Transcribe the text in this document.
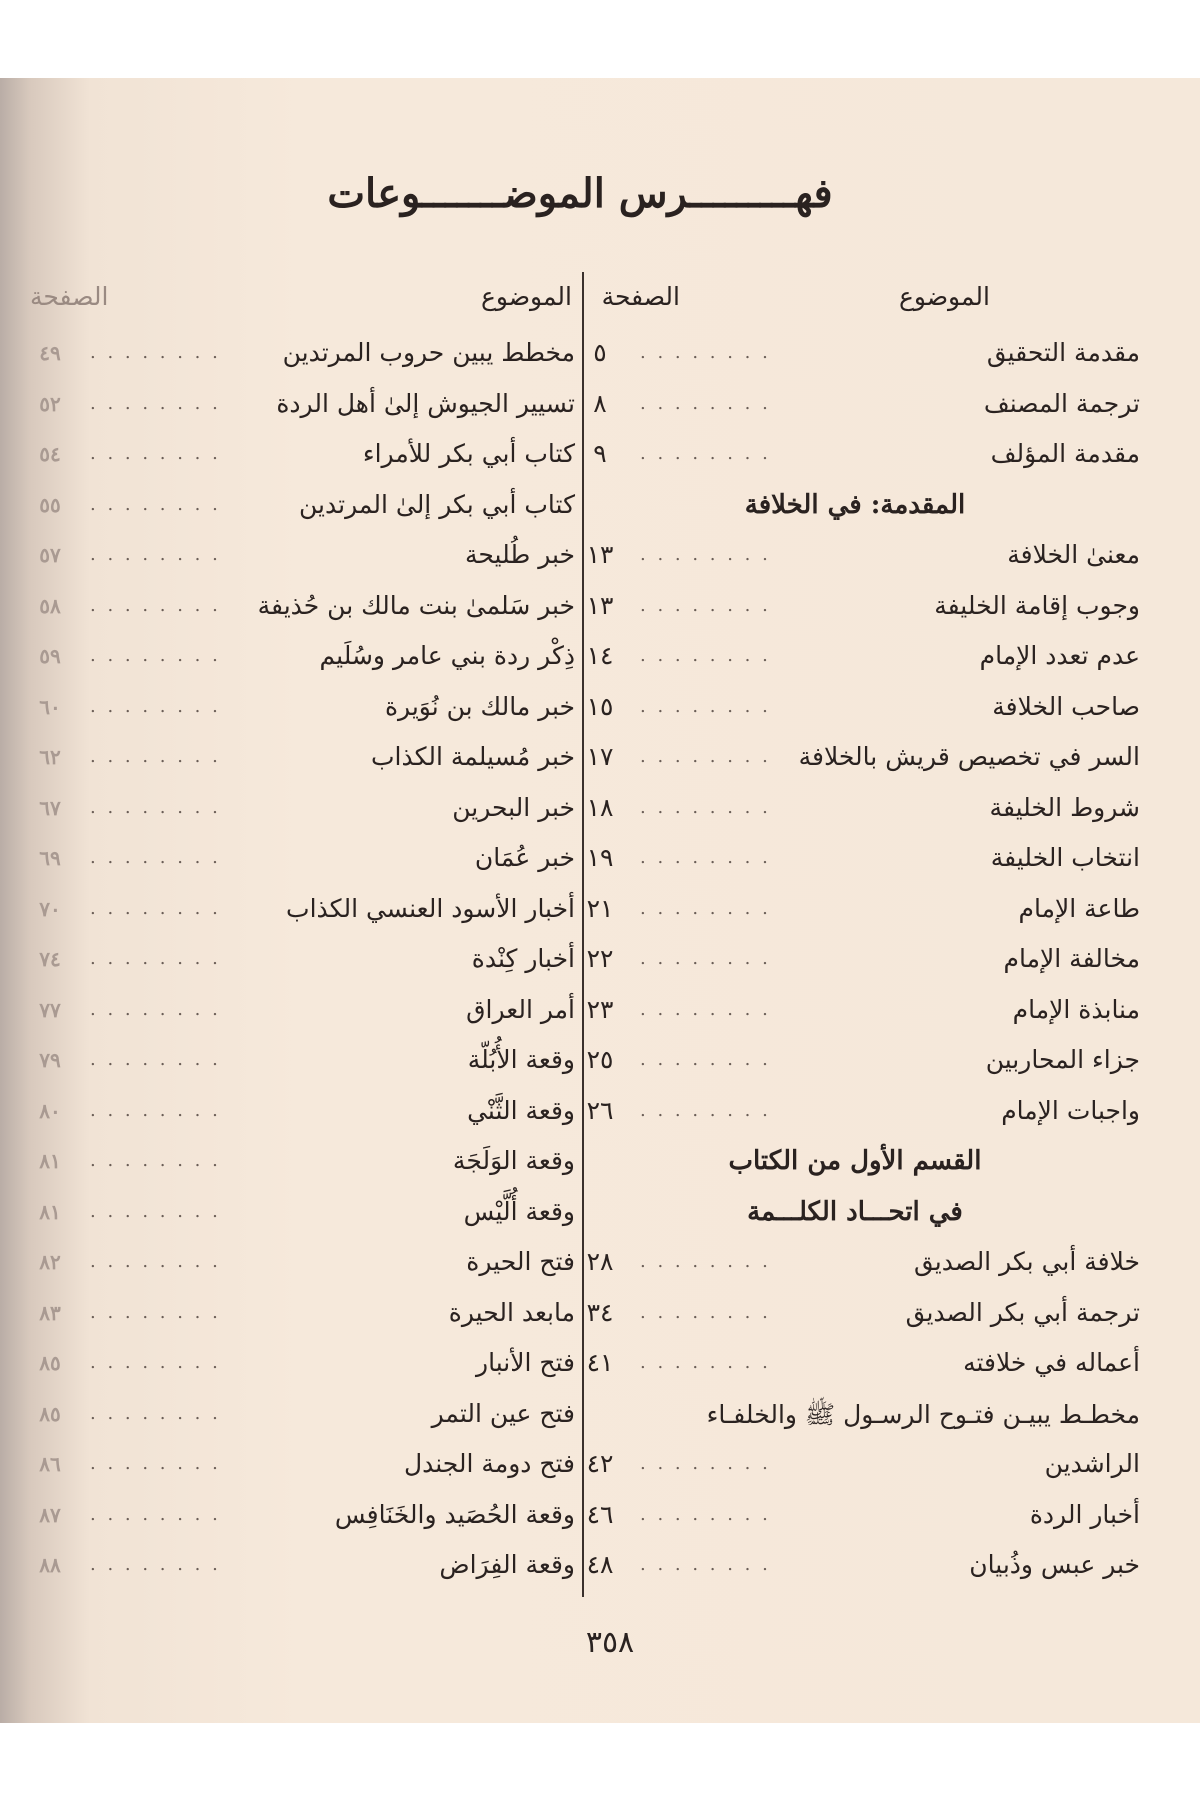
فهـــــــــرس الموضـــــــوعات
الموضوع
الصفحة
الموضوع
الصفحة
مقدمة التحقيق
. . . . . . . .
٥
ترجمة المصنف
. . . . . . . .
٨
مقدمة المؤلف
. . . . . . . .
٩
المقدمة: في الخلافة
معنىٰ الخلافة
. . . . . . . .
١٣
وجوب إقامة الخليفة
. . . . . . . .
١٣
عدم تعدد الإمام
. . . . . . . .
١٤
صاحب الخلافة
. . . . . . . .
١٥
السر في تخصيص قريش بالخلافة
. . . . . . . .
١٧
شروط الخليفة
. . . . . . . .
١٨
انتخاب الخليفة
. . . . . . . .
١٩
طاعة الإمام
. . . . . . . .
٢١
مخالفة الإمام
. . . . . . . .
٢٢
منابذة الإمام
. . . . . . . .
٢٣
جزاء المحاربين
. . . . . . . .
٢٥
واجبات الإمام
. . . . . . . .
٢٦
القسم الأول من الكتاب
في اتحـــاد الكلـــمة
خلافة أبي بكر الصديق
. . . . . . . .
٢٨
ترجمة أبي بكر الصديق
. . . . . . . .
٣٤
أعماله في خلافته
. . . . . . . .
٤١
مخطـط يبيـن فتـوح الرسـول ﷺ والخلفـاء
الراشدين
. . . . . . . .
٤٢
أخبار الردة
. . . . . . . .
٤٦
خبر عبس وذُبيان
. . . . . . . .
٤٨
مخطط يبين حروب المرتدين
. . . . . . . .
٤٩
تسيير الجيوش إلىٰ أهل الردة
. . . . . . . .
٥٢
كتاب أبي بكر للأمراء
. . . . . . . .
٥٤
كتاب أبي بكر إلىٰ المرتدين
. . . . . . . .
٥٥
خبر طُليحة
. . . . . . . .
٥٧
خبر سَلمىٰ بنت مالك بن حُذيفة
. . . . . . . .
٥٨
ذِكْر ردة بني عامر وسُلَيم
. . . . . . . .
٥٩
خبر مالك بن نُوَيرة
. . . . . . . .
٦٠
خبر مُسيلمة الكذاب
. . . . . . . .
٦٢
خبر البحرين
. . . . . . . .
٦٧
خبر عُمَان
. . . . . . . .
٦٩
أخبار الأسود العنسي الكذاب
. . . . . . . .
٧٠
أخبار كِنْدة
. . . . . . . .
٧٤
أمر العراق
. . . . . . . .
٧٧
وقعة الأُبُلّة
. . . . . . . .
٧٩
وقعة الثَّنْي
. . . . . . . .
٨٠
وقعة الوَلَجَة
. . . . . . . .
٨١
وقعة أُلَّيْس
. . . . . . . .
٨١
فتح الحيرة
. . . . . . . .
٨٢
مابعد الحيرة
. . . . . . . .
٨٣
فتح الأنبار
. . . . . . . .
٨٥
فتح عين التمر
. . . . . . . .
٨٥
فتح دومة الجندل
. . . . . . . .
٨٦
وقعة الحُصَيد والخَنَافِس
. . . . . . . .
٨٧
وقعة الفِرَاض
. . . . . . . .
٨٨
٣٥٨
